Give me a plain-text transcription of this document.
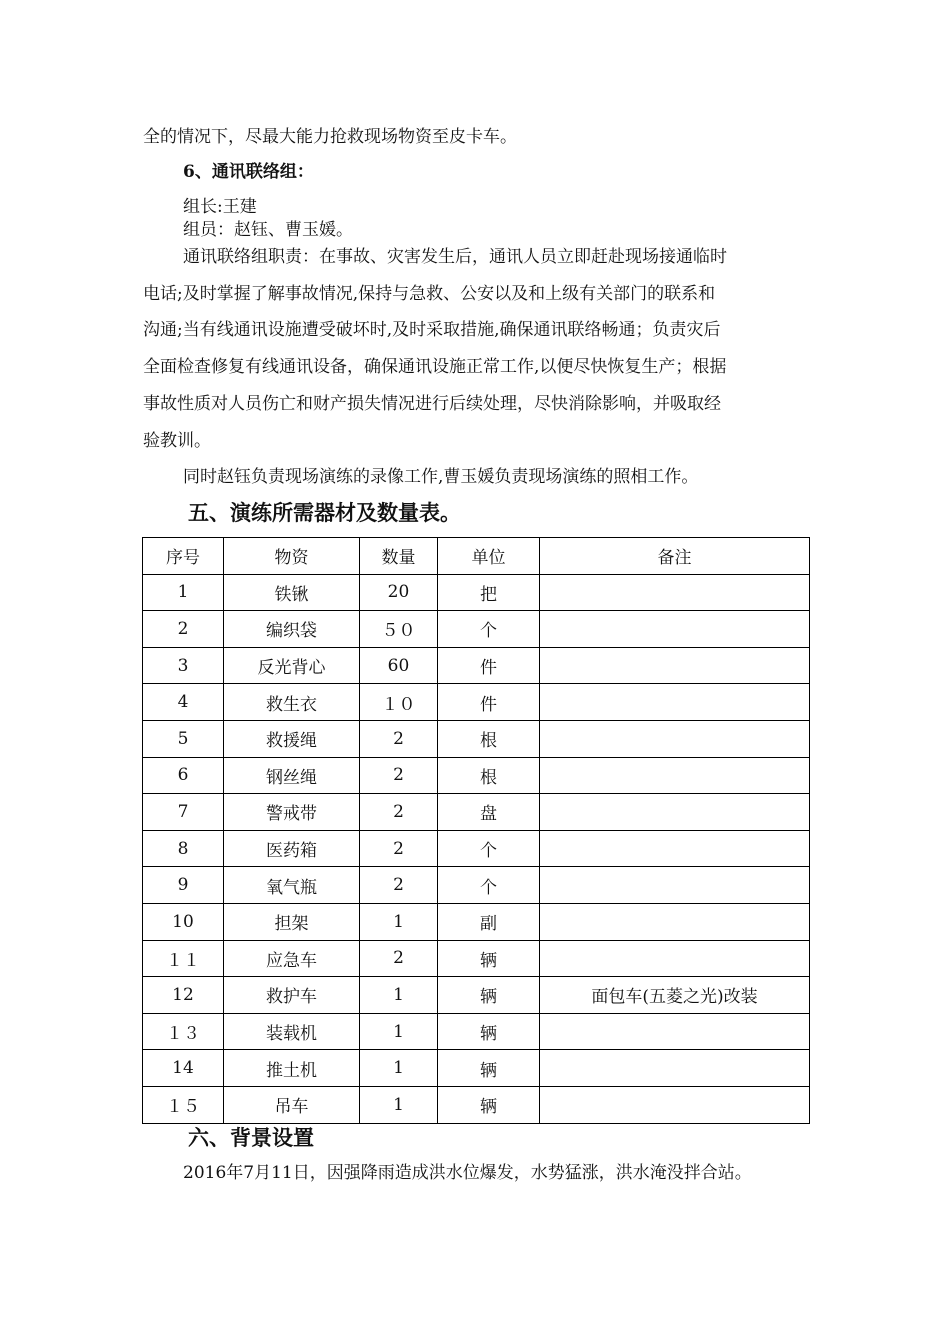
全的情况下，尽最大能力抢救现场物资至皮卡车。
6、通讯联络组：
组长:王建
组员：赵钰、曹玉媛。
通讯联络组职责：在事故、灾害发生后，通讯人员立即赶赴现场接通临时
电话;及时掌握了解事故情况,保持与急救、公安以及和上级有关部门的联系和
沟通;当有线通讯设施遭受破坏时,及时采取措施,确保通讯联络畅通；负责灾后
全面检查修复有线通讯设备，确保通讯设施正常工作,以便尽快恢复生产；根据
事故性质对人员伤亡和财产损失情况进行后续处理，尽快消除影响，并吸取经
验教训。
同时赵钰负责现场演练的录像工作,曹玉媛负责现场演练的照相工作。
五、演练所需器材及数量表。
序号	物资	数量	单位	备注
1	铁锹	20	把	
2	编织袋	５０	个	
3	反光背心	60	件	
4	救生衣	１０	件	
5	救援绳	2	根	
6	钢丝绳	2	根	
7	警戒带	2	盘	
8	医药箱	2	个	
9	氧气瓶	2	个	
10	担架	1	副	
１１	应急车	2	辆	
12	救护车	1	辆	面包车(五菱之光)改装
１３	装载机	1	辆	
14	推土机	1	辆	
１５	吊车	1	辆	
六、背景设置
2016年7月11日，因强降雨造成洪水位爆发，水势猛涨，洪水淹没拌合站。
